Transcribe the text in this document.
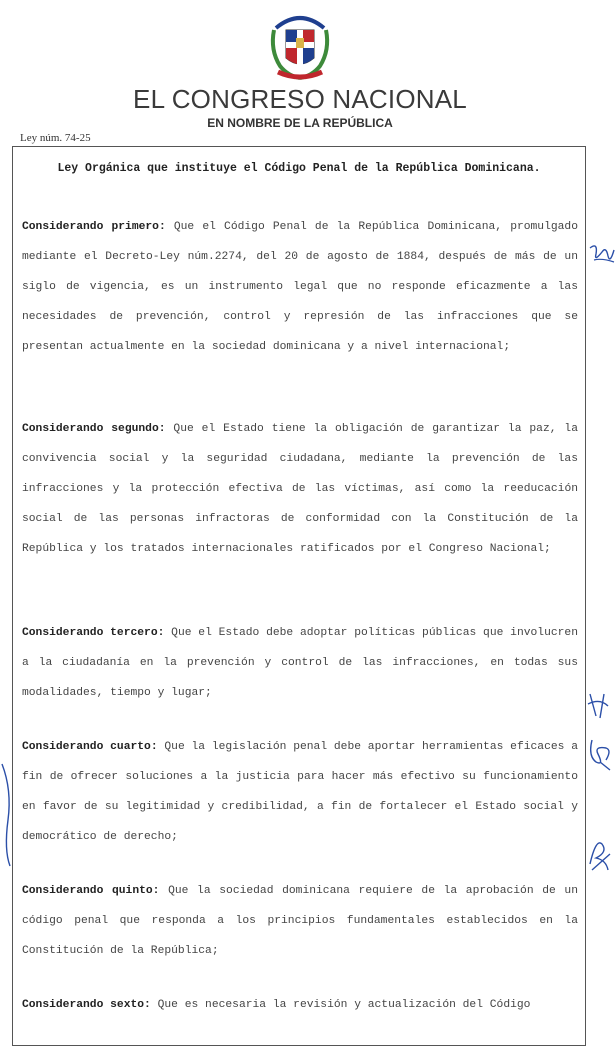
EL CONGRESO NACIONAL
EN NOMBRE DE LA REPÚBLICA
Ley núm. 74-25
Ley Orgánica que instituye el Código Penal de la República Dominicana.
Considerando primero: Que el Código Penal de la República Dominicana, promulgado mediante el Decreto-Ley núm.2274, del 20 de agosto de 1884, después de más de un siglo de vigencia, es un instrumento legal que no responde eficazmente a las necesidades de prevención, control y represión de las infracciones que se presentan actualmente en la sociedad dominicana y a nivel internacional;
Considerando segundo: Que el Estado tiene la obligación de garantizar la paz, la convivencia social y la seguridad ciudadana, mediante la prevención de las infracciones y la protección efectiva de las víctimas, así como la reeducación social de las personas infractoras de conformidad con la Constitución de la República y los tratados internacionales ratificados por el Congreso Nacional;
Considerando tercero: Que el Estado debe adoptar políticas públicas que involucren a la ciudadanía en la prevención y control de las infracciones, en todas sus modalidades, tiempo y lugar;
Considerando cuarto: Que la legislación penal debe aportar herramientas eficaces a fin de ofrecer soluciones a la justicia para hacer más efectivo su funcionamiento en favor de su legitimidad y credibilidad, a fin de fortalecer el Estado social y democrático de derecho;
Considerando quinto: Que la sociedad dominicana requiere de la aprobación de un código penal que responda a los principios fundamentales establecidos en la Constitución de la República;
Considerando sexto: Que es necesaria la revisión y actualización del Código
